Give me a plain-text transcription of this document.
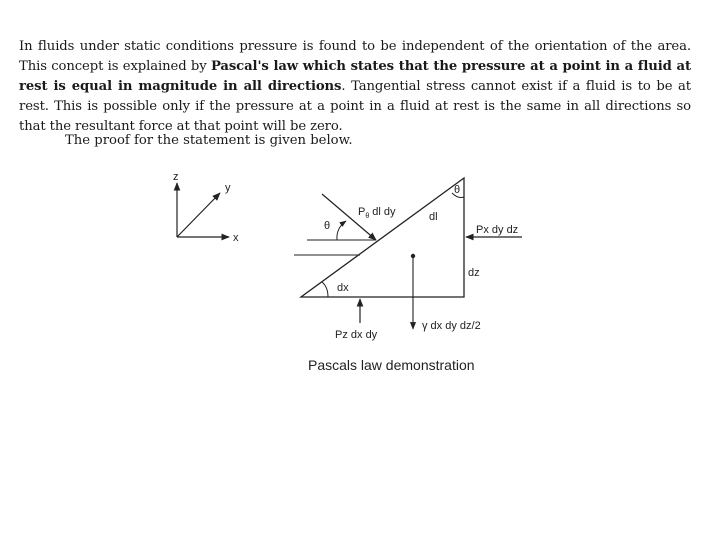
In fluids under static conditions pressure is found to be independent of the orientation of the area. This concept is explained by Pascal's law which states that the pressure at a point in a fluid at rest is equal in magnitude in all directions. Tangential stress cannot exist if a fluid is to be at rest. This is possible only if the pressure at a point in a fluid at rest is the same in all directions so that the resultant force at that point will be zero.

The proof for the statement is given below.
z
y
x
$P_\theta$ dl dy
θ
θ
dl
Px dy dz
dz
dx
Pz dx dy
γ dx dy dz/2
Pascals law demonstration
